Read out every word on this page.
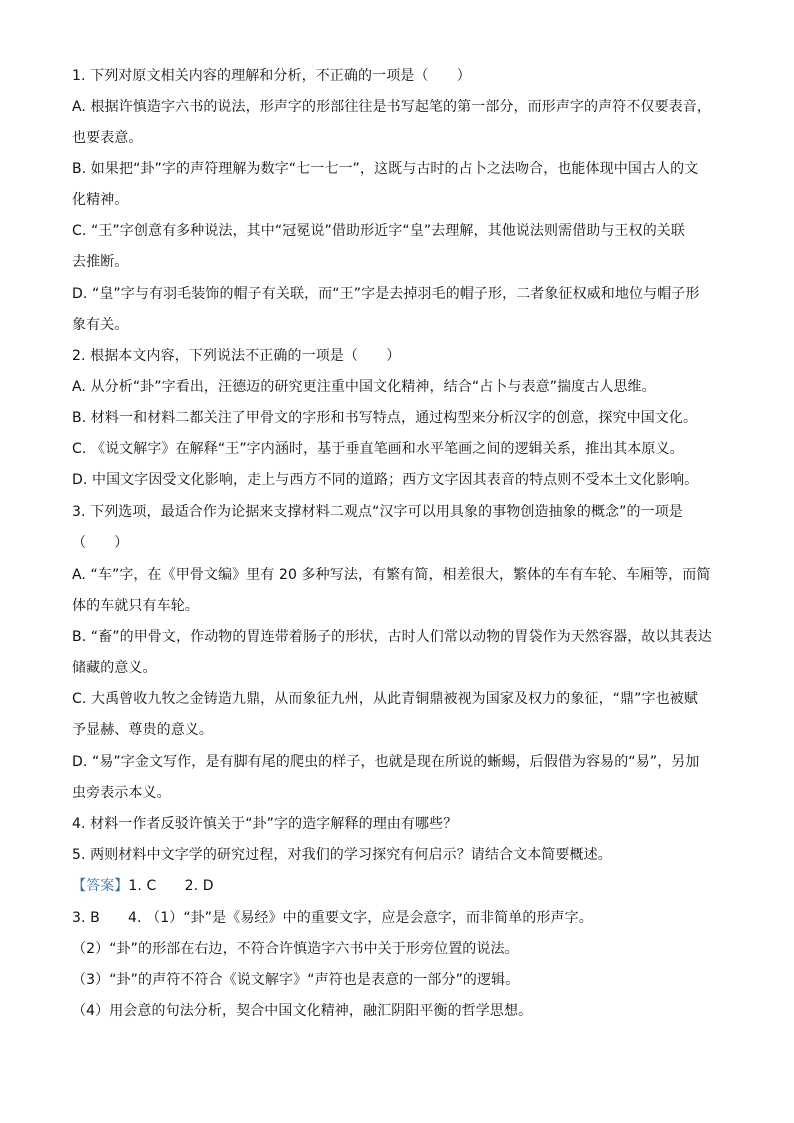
1. 下列对原文相关内容的理解和分析，不正确的一项是（　　）
A. 根据许慎造字六书的说法，形声字的形部往往是书写起笔的第一部分，而形声字的声符不仅要表音，
也要表意。
B. 如果把“卦”字的声符理解为数字“七一七一”，这既与古时的占卜之法吻合，也能体现中国古人的文
化精神。
C. “王”字创意有多种说法，其中“冠冕说”借助形近字“皇”去理解，其他说法则需借助与王权的关联
去推断。
D. “皇”字与有羽毛装饰的帽子有关联，而“王”字是去掉羽毛的帽子形，二者象征权威和地位与帽子形
象有关。
2. 根据本文内容，下列说法不正确的一项是（　　）
A. 从分析“卦”字看出，汪德迈的研究更注重中国文化精神，结合“占卜与表意”揣度古人思维。
B. 材料一和材料二都关注了甲骨文的字形和书写特点，通过构型来分析汉字的创意，探究中国文化。
C. 《说文解字》在解释“王”字内涵时，基于垂直笔画和水平笔画之间的逻辑关系，推出其本原义。
D. 中国文字因受文化影响，走上与西方不同的道路；西方文字因其表音的特点则不受本土文化影响。
3. 下列选项，最适合作为论据来支撑材料二观点“汉字可以用具象的事物创造抽象的概念”的一项是
（　　）
A. “车”字，在《甲骨文编》里有 20 多种写法，有繁有简，相差很大，繁体的车有车轮、车厢等，而简
体的车就只有车轮。
B. “畜”的甲骨文，作动物的胃连带着肠子的形状，古时人们常以动物的胃袋作为天然容器，故以其表达
储藏的意义。
C. 大禹曾收九牧之金铸造九鼎，从而象征九州，从此青铜鼎被视为国家及权力的象征，“鼎”字也被赋
予显赫、尊贵的意义。
D. “易”字金文写作，是有脚有尾的爬虫的样子，也就是现在所说的蜥蜴，后假借为容易的“易”，另加
虫旁表示本义。
4. 材料一作者反驳许慎关于“卦”字的造字解释的理由有哪些？
5. 两则材料中文字学的研究过程，对我们的学习探究有何启示？请结合文本简要概述。
【答案】1. C　　2. D
3. B　　4. （1）“卦”是《易经》中的重要文字，应是会意字，而非简单的形声字。
（2）“卦”的形部在右边，不符合许慎造字六书中关于形旁位置的说法。
（3）“卦”的声符不符合《说文解字》“声符也是表意的一部分”的逻辑。
（4）用会意的句法分析，契合中国文化精神，融汇阴阳平衡的哲学思想。
